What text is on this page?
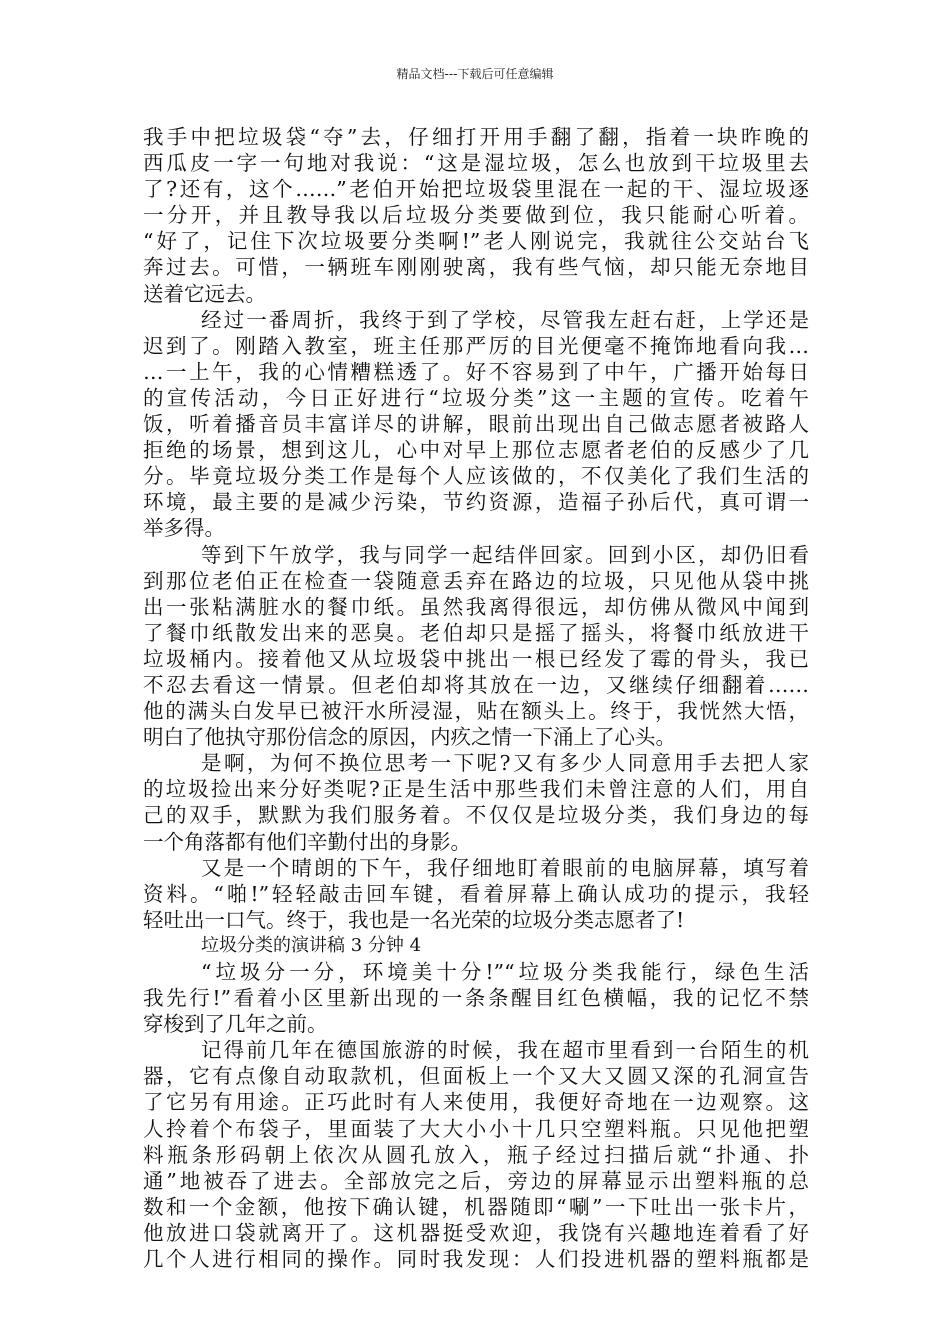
精品文档---下载后可任意编辑
我手中把垃圾袋“夺”去，仔细打开用手翻了翻，指着一块昨晚的
西瓜皮一字一句地对我说：“这是湿垃圾，怎么也放到干垃圾里去
了?还有，这个……”老伯开始把垃圾袋里混在一起的干、湿垃圾逐
一分开，并且教导我以后垃圾分类要做到位，我只能耐心听着。
“好了，记住下次垃圾要分类啊!”老人刚说完，我就往公交站台飞
奔过去。可惜，一辆班车刚刚驶离，我有些气恼，却只能无奈地目
送着它远去。
经过一番周折，我终于到了学校，尽管我左赶右赶，上学还是
迟到了。刚踏入教室，班主任那严厉的目光便毫不掩饰地看向我…
…一上午，我的心情糟糕透了。好不容易到了中午，广播开始每日
的宣传活动，今日正好进行“垃圾分类”这一主题的宣传。吃着午
饭，听着播音员丰富详尽的讲解，眼前出现出自己做志愿者被路人
拒绝的场景，想到这儿，心中对早上那位志愿者老伯的反感少了几
分。毕竟垃圾分类工作是每个人应该做的，不仅美化了我们生活的
环境，最主要的是减少污染，节约资源，造福子孙后代，真可谓一
举多得。
等到下午放学，我与同学一起结伴回家。回到小区，却仍旧看
到那位老伯正在检查一袋随意丢弃在路边的垃圾，只见他从袋中挑
出一张粘满脏水的餐巾纸。虽然我离得很远，却仿佛从微风中闻到
了餐巾纸散发出来的恶臭。老伯却只是摇了摇头，将餐巾纸放进干
垃圾桶内。接着他又从垃圾袋中挑出一根已经发了霉的骨头，我已
不忍去看这一情景。但老伯却将其放在一边，又继续仔细翻着……
他的满头白发早已被汗水所浸湿，贴在额头上。终于，我恍然大悟，
明白了他执守那份信念的原因，内疚之情一下涌上了心头。
是啊，为何不换位思考一下呢?又有多少人同意用手去把人家
的垃圾捡出来分好类呢?正是生活中那些我们未曾注意的人们，用自
己的双手，默默为我们服务着。不仅仅是垃圾分类，我们身边的每
一个角落都有他们辛勤付出的身影。
又是一个晴朗的下午，我仔细地盯着眼前的电脑屏幕，填写着
资料。“啪!”轻轻敲击回车键，看着屏幕上确认成功的提示，我轻
轻吐出一口气。终于，我也是一名光荣的垃圾分类志愿者了!
垃圾分类的演讲稿 3 分钟 4
“垃圾分一分，环境美十分!”“垃圾分类我能行，绿色生活
我先行!”看着小区里新出现的一条条醒目红色横幅，我的记忆不禁
穿梭到了几年之前。
记得前几年在德国旅游的时候，我在超市里看到一台陌生的机
器，它有点像自动取款机，但面板上一个又大又圆又深的孔洞宣告
了它另有用途。正巧此时有人来使用，我便好奇地在一边观察。这
人拎着个布袋子，里面装了大大小小十几只空塑料瓶。只见他把塑
料瓶条形码朝上依次从圆孔放入，瓶子经过扫描后就“扑通、扑
通”地被吞了进去。全部放完之后，旁边的屏幕显示出塑料瓶的总
数和一个金额，他按下确认键，机器随即“唰”一下吐出一张卡片，
他放进口袋就离开了。这机器挺受欢迎，我饶有兴趣地连着看了好
几个人进行相同的操作。同时我发现：人们投进机器的塑料瓶都是
